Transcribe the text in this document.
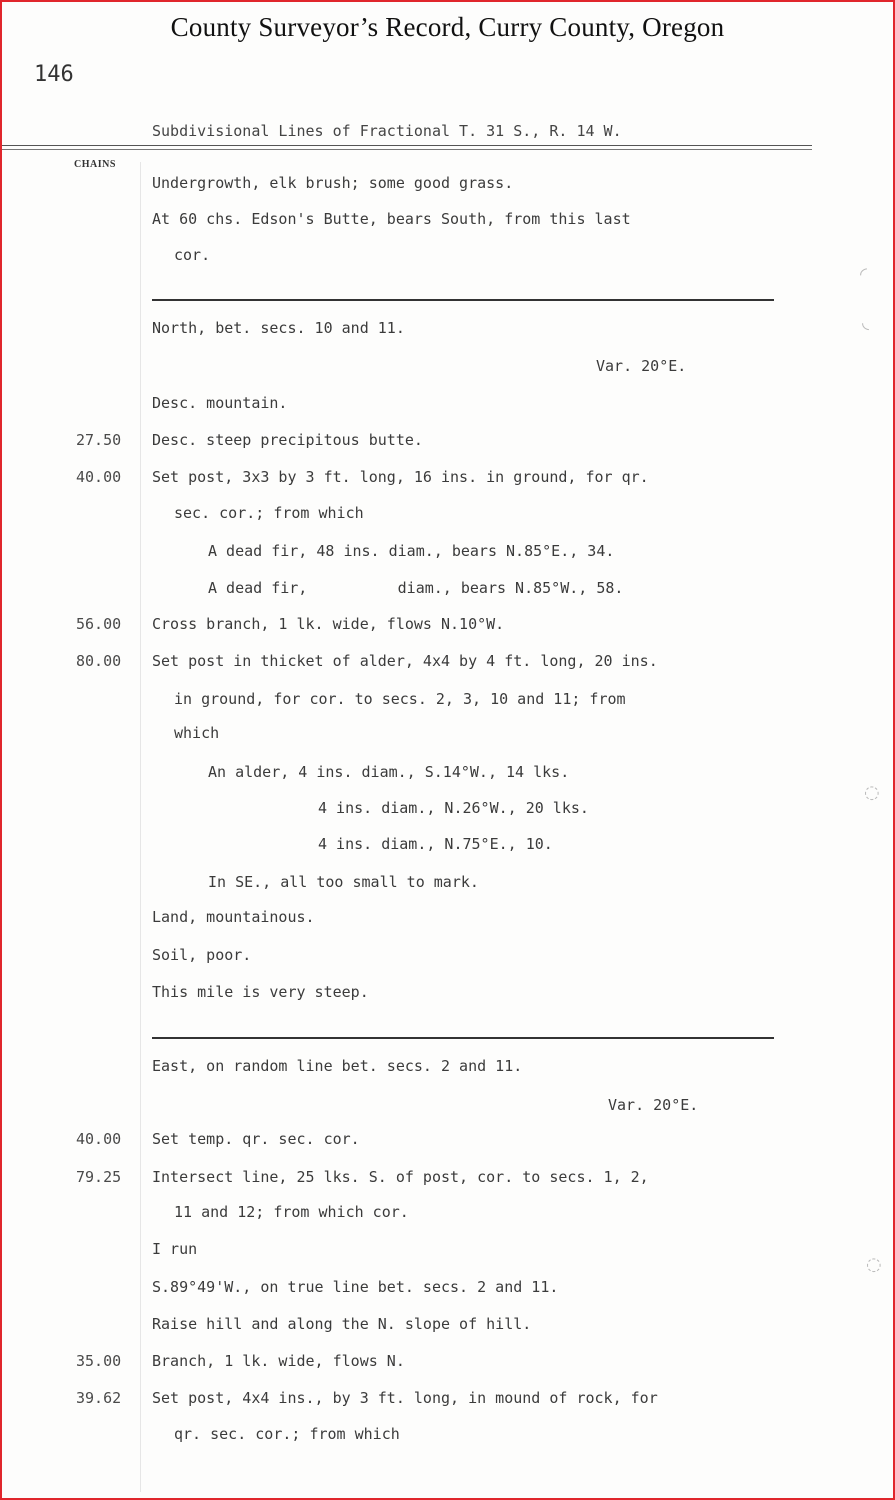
County Surveyor’s Record, Curry County, Oregon
146
Subdivisional Lines of Fractional T. 31 S., R. 14 W.
CHAINS
Undergrowth, elk brush; some good grass.
At 60 chs. Edson's Butte, bears South, from this last
cor.
North, bet. secs. 10 and 11.
Var. 20°E.
Desc. mountain.
27.50 Desc. steep precipitous butte.
40.00 Set post, 3x3 by 3 ft. long, 16 ins. in ground, for qr.
sec. cor.; from which
A dead fir, 48 ins. diam., bears N.85°E., 34.
A dead fir,          diam., bears N.85°W., 58.
56.00 Cross branch, 1 lk. wide, flows N.10°W.
80.00 Set post in thicket of alder, 4x4 by 4 ft. long, 20 ins.
in ground, for cor. to secs. 2, 3, 10 and 11; from
which
An alder, 4 ins. diam., S.14°W., 14 lks.
4 ins. diam., N.26°W., 20 lks.
4 ins. diam., N.75°E., 10.
In SE., all too small to mark.
Land, mountainous.
Soil, poor.
This mile is very steep.
East, on random line bet. secs. 2 and 11.
Var. 20°E.
40.00 Set temp. qr. sec. cor.
79.25 Intersect line, 25 lks. S. of post, cor. to secs. 1, 2,
11 and 12; from which cor.
I run
S.89°49'W., on true line bet. secs. 2 and 11.
Raise hill and along the N. slope of hill.
35.00 Branch, 1 lk. wide, flows N.
39.62 Set post, 4x4 ins., by 3 ft. long, in mound of rock, for
qr. sec. cor.; from which
◜
◟
◌
◌
